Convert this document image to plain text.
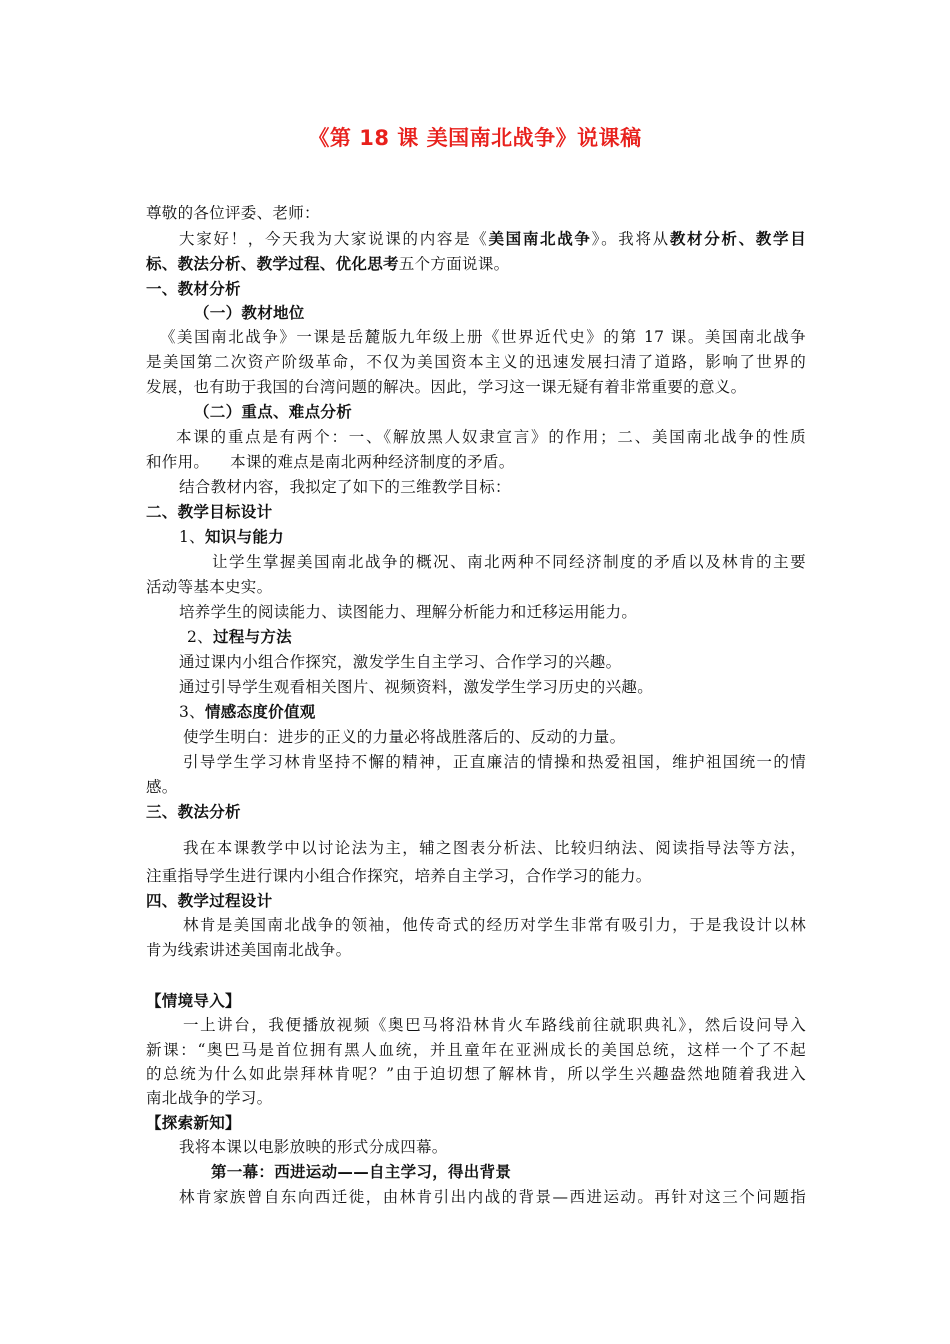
《第 18 课 美国南北战争》说课稿
尊敬的各位评委、老师：
大家好！，今天我为大家说课的内容是《美国南北战争》。我将从教材分析、教学目
标、教法分析、教学过程、优化思考五个方面说课。
一、教材分析
（一）教材地位
《美国南北战争》一课是岳麓版九年级上册《世界近代史》的第 17 课。美国南北战争
是美国第二次资产阶级革命，不仅为美国资本主义的迅速发展扫清了道路，影响了世界的
发展，也有助于我国的台湾问题的解决。因此，学习这一课无疑有着非常重要的意义。
（二）重点、难点分析
本课的重点是有两个：一、《解放黑人奴隶宣言》的作用；二、美国南北战争的性质
和作用。    本课的难点是南北两种经济制度的矛盾。
结合教材内容，我拟定了如下的三维教学目标：
二、教学目标设计
1、知识与能力
让学生掌握美国南北战争的概况、南北两种不同经济制度的矛盾以及林肯的主要
活动等基本史实。
培养学生的阅读能力、读图能力、理解分析能力和迁移运用能力。
2、过程与方法
通过课内小组合作探究，激发学生自主学习、合作学习的兴趣。
通过引导学生观看相关图片、视频资料，激发学生学习历史的兴趣。
3、情感态度价值观
使学生明白：进步的正义的力量必将战胜落后的、反动的力量。
引导学生学习林肯坚持不懈的精神，正直廉洁的情操和热爱祖国，维护祖国统一的情
感。
三、教法分析
我在本课教学中以讨论法为主，辅之图表分析法、比较归纳法、阅读指导法等方法，
注重指导学生进行课内小组合作探究，培养自主学习，合作学习的能力。
四、教学过程设计
林肯是美国南北战争的领袖，他传奇式的经历对学生非常有吸引力，于是我设计以林
肯为线索讲述美国南北战争。
【情境导入】
一上讲台，我便播放视频《奥巴马将沿林肯火车路线前往就职典礼》，然后设问导入
新课：“奥巴马是首位拥有黑人血统，并且童年在亚洲成长的美国总统，这样一个了不起
的总统为什么如此崇拜林肯呢？”由于迫切想了解林肯，所以学生兴趣盎然地随着我进入
南北战争的学习。
【探索新知】
我将本课以电影放映的形式分成四幕。
第一幕：西进运动——自主学习，得出背景
林肯家族曾自东向西迁徙，由林肯引出内战的背景—西进运动。再针对这三个问题指
